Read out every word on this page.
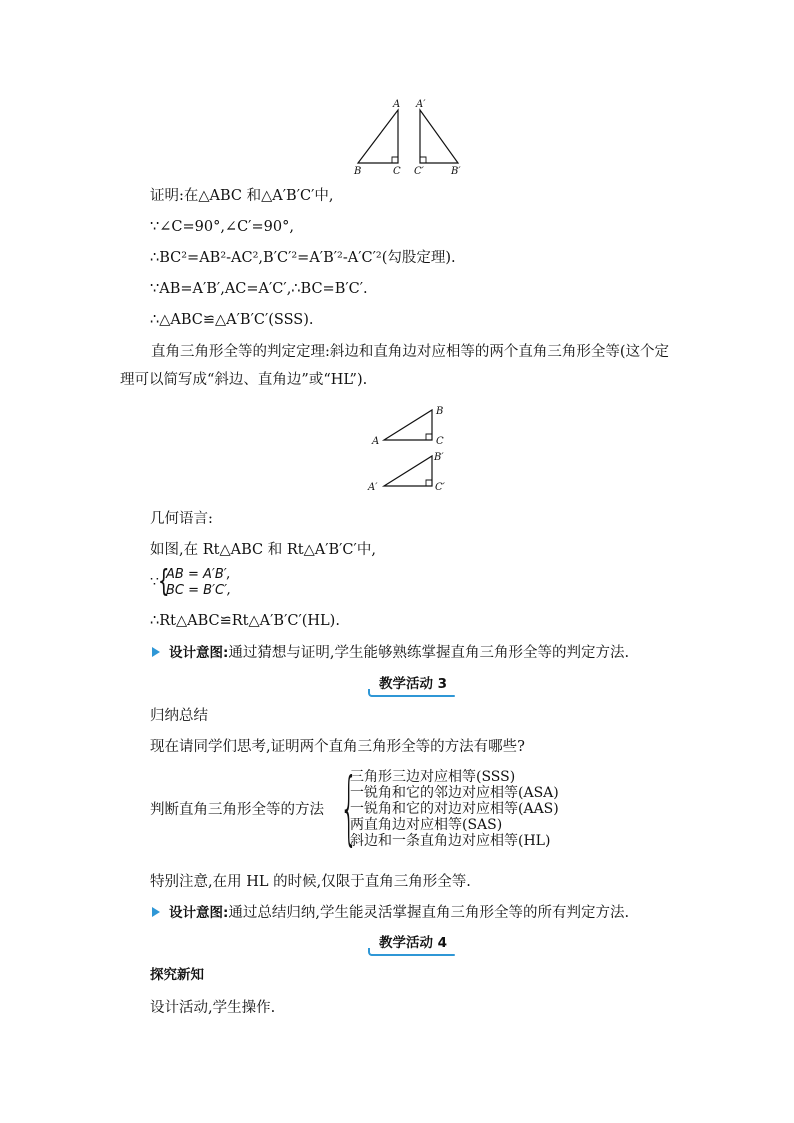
A
B	C
A′
C′	B′
证明:在△ABC 和△A′B′C′中,
∵∠C=90°,∠C′=90°,
∴BC²=AB²-AC²,B′C′²=A′B′²-A′C′²(勾股定理).
∵AB=A′B′,AC=A′C′,∴BC=B′C′.
∴△ABC≌△A′B′C′(SSS).
直角三角形全等的判定定理:斜边和直角边对应相等的两个直角三角形全等(这个定理可以简写成“斜边、直角边”或“HL”).
A
B
C
A′
B′
C′
几何语言:
如图,在 Rt△ABC 和 Rt△A′B′C′中,
∵ {
AB = A′B′,
BC = B′C′,
∴Rt△ABC≌Rt△A′B′C′(HL).
设计意图:通过猜想与证明,学生能够熟练掌握直角三角形全等的判定方法.
教学活动 3
归纳总结
现在请同学们思考,证明两个直角三角形全等的方法有哪些?
判断直角三角形全等的方法 {
三角形三边对应相等(SSS)
一锐角和它的邻边对应相等(ASA)
一锐角和它的对边对应相等(AAS)
两直角边对应相等(SAS)
斜边和一条直角边对应相等(HL)
特别注意,在用 HL 的时候,仅限于直角三角形全等.
设计意图:通过总结归纳,学生能灵活掌握直角三角形全等的所有判定方法.
教学活动 4
探究新知
设计活动,学生操作.
